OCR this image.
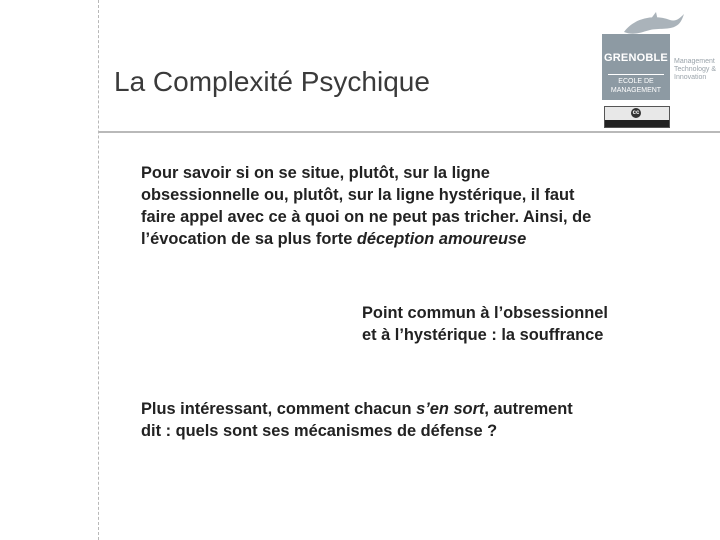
La Complexité Psychique
GRENOBLE
ECOLE DE
MANAGEMENT
Management
Technology &
Innovation
cc
Pour savoir si on se situe, plutôt, sur la ligne
obsessionnelle ou, plutôt, sur la ligne hystérique, il faut
faire appel avec ce à quoi on ne peut pas tricher. Ainsi, de
l’évocation de sa plus forte déception amoureuse
Point commun à l’obsessionnel
et à l’hystérique : la souffrance
Plus intéressant, comment chacun s’en sort, autrement
dit : quels sont ses mécanismes de défense ?
